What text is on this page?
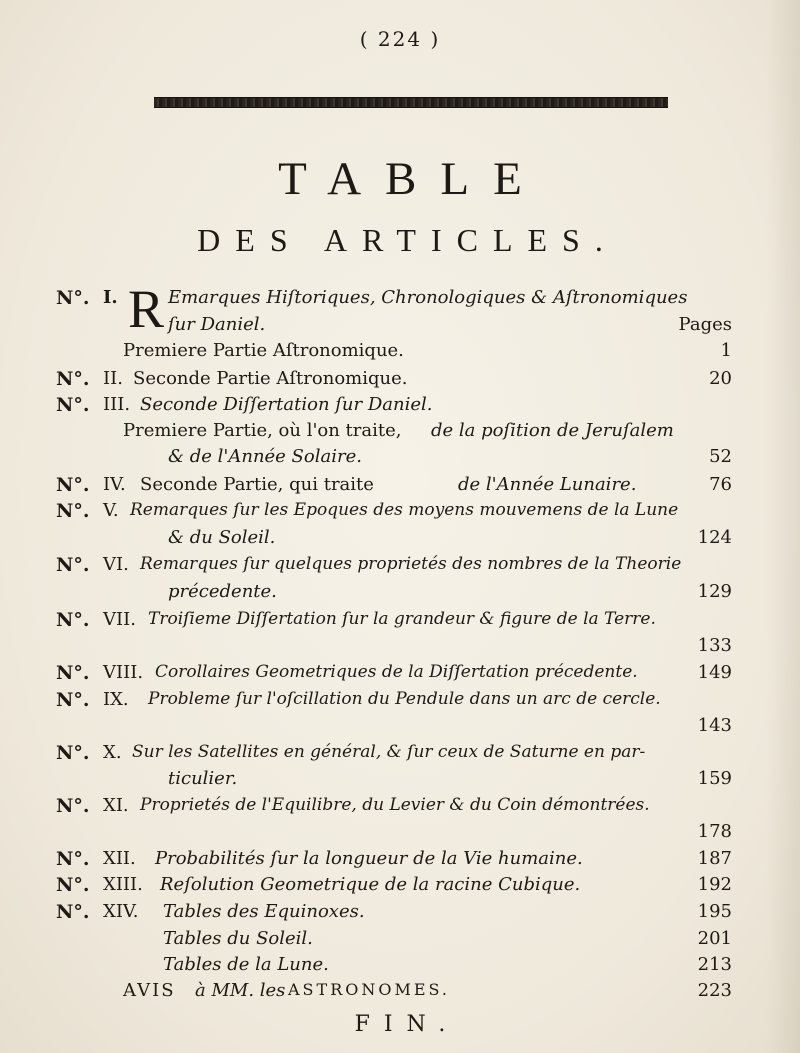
( 224 )
TABLE
DES ARTICLES.
N°. I.	Emarques Hiſtoriques, Chronologiques & Aſtronomiques
R ſur Daniel.	Pages
Premiere Partie Aſtronomique.	1
N°. II. Seconde Partie Aſtronomique.	20
N°. III. Seconde Diſſertation ſur Daniel.
Premiere Partie, où l'on traite, de la poſition de Jeruſalem
& de l'Année Solaire.	52
N°. IV. Seconde Partie, qui traite	de l'Année Lunaire.	76
N°. V. Remarques ſur les Epoques des moyens mouvemens de la Lune
& du Soleil.	124
N°. VI. Remarques ſur quelques proprietés des nombres de la Theorie
précedente.	129
N°. VII. Troiſieme Diſſertation ſur la grandeur & figure de la Terre.
133
N°. VIII. Corollaires Geometriques de la Diſſertation précedente.	149
N°. IX. Probleme ſur l'oſcillation du Pendule dans un arc de cercle.
143
N°. X. Sur les Satellites en général, & ſur ceux de Saturne en par-
ticulier.	159
N°. XI. Proprietés de l'Equilibre, du Levier & du Coin démontrées.
178
N°. XII. Probabilités ſur la longueur de la Vie humaine.	187
N°. XIII. Reſolution Geometrique de la racine Cubique.	192
N°. XIV. Tables des Equinoxes.	195
Tables du Soleil.	201
Tables de la Lune.	213
AVIS à MM. les ASTRONOMES.	223
FIN.
